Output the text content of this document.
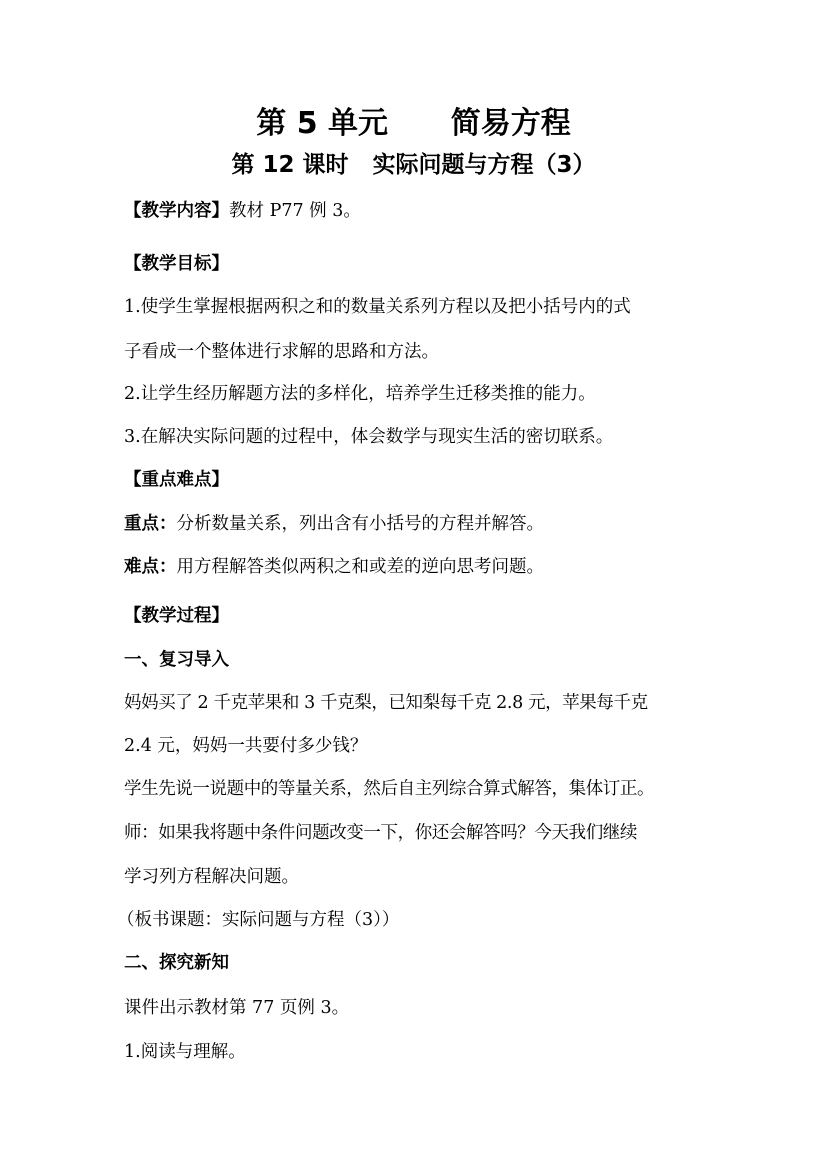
第 5 单元      简易方程
第 12 课时   实际问题与方程（3）
【教学内容】教材 P77 例 3。
【教学目标】
1.使学生掌握根据两积之和的数量关系列方程以及把小括号内的式
子看成一个整体进行求解的思路和方法。
2.让学生经历解题方法的多样化，培养学生迁移类推的能力。
3.在解决实际问题的过程中，体会数学与现实生活的密切联系。
【重点难点】
重点：分析数量关系，列出含有小括号的方程并解答。
难点：用方程解答类似两积之和或差的逆向思考问题。
【教学过程】
一、复习导入
妈妈买了 2 千克苹果和 3 千克梨，已知梨每千克 2.8 元，苹果每千克
2.4 元，妈妈一共要付多少钱？
学生先说一说题中的等量关系，然后自主列综合算式解答，集体订正。
师：如果我将题中条件问题改变一下，你还会解答吗？今天我们继续
学习列方程解决问题。
（板书课题：实际问题与方程（3））
二、探究新知
课件出示教材第 77 页例 3。
1.阅读与理解。
